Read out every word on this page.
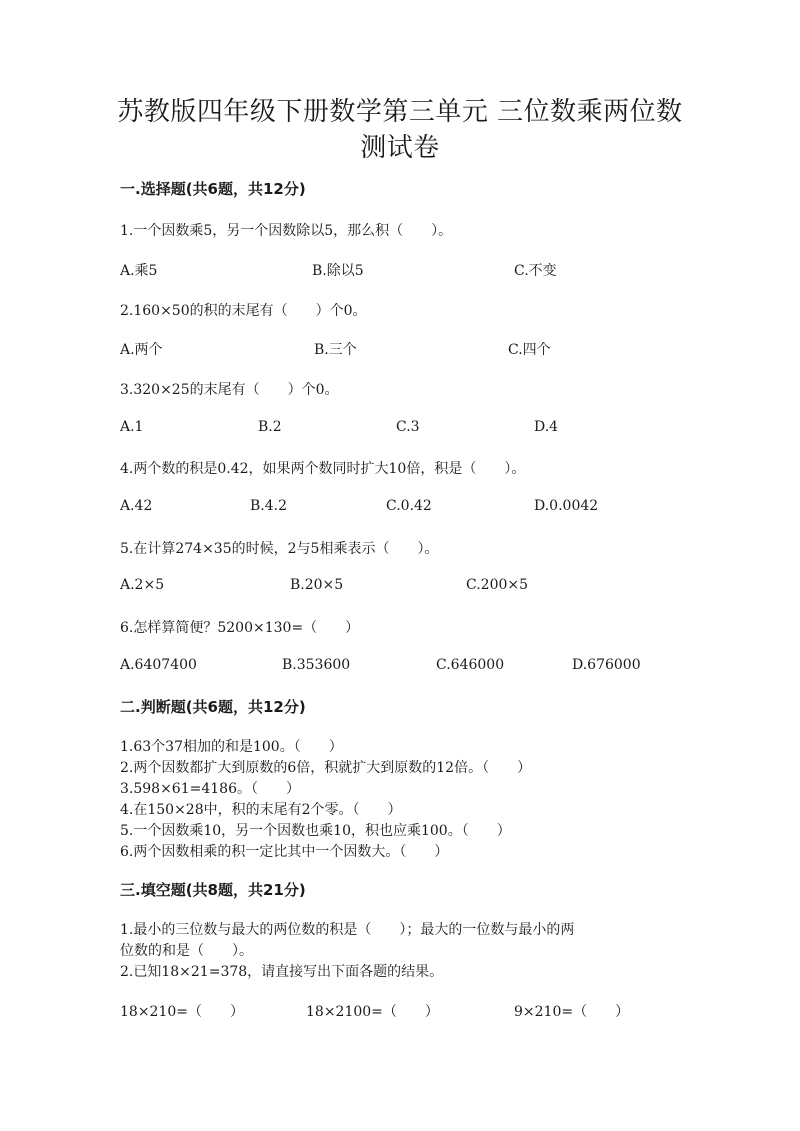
苏教版四年级下册数学第三单元 三位数乘两位数
测试卷
一.选择题(共6题，共12分)
1.一个因数乘5，另一个因数除以5，那么积（　　）。
A.乘5	B.除以5	C.不变
2.160×50的积的末尾有（　　）个0。
A.两个	B.三个	C.四个
3.320×25的末尾有（　　）个0。
A.1	B.2	C.3	D.4
4.两个数的积是0.42，如果两个数同时扩大10倍，积是（　　）。
A.42	B.4.2	C.0.42	D.0.0042
5.在计算274×35的时候，2与5相乘表示（　　）。
A.2×5	B.20×5	C.200×5
6.怎样算简便？5200×130=（　　）
A.6407400	B.353600	C.646000	D.676000
二.判断题(共6题，共12分)
1.63个37相加的和是100。（　　）
2.两个因数都扩大到原数的6倍，积就扩大到原数的12倍。（　　）
3.598×61=4186。（　　）
4.在150×28中，积的末尾有2个零。（　　）
5.一个因数乘10，另一个因数也乘10，积也应乘100。（　　）
6.两个因数相乘的积一定比其中一个因数大。（　　）
三.填空题(共8题，共21分)
1.最小的三位数与最大的两位数的积是（　　）；最大的一位数与最小的两
位数的和是（　　）。
2.已知18×21=378，请直接写出下面各题的结果。
18×210=（　　）	18×2100=（　　）	9×210=（　　）
